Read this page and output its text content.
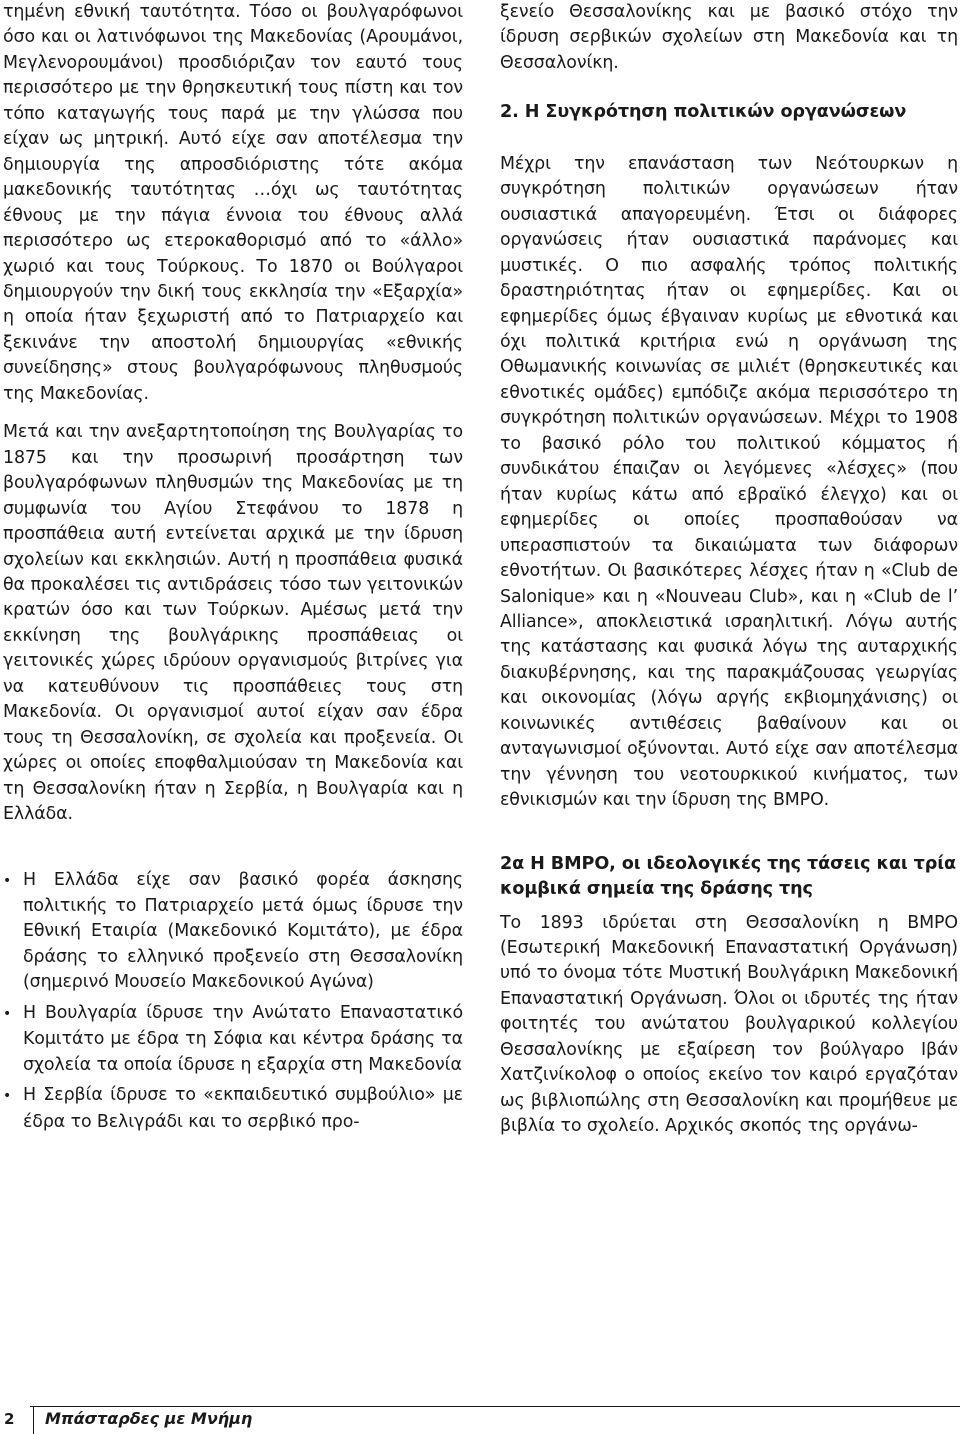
τημένη εθνική ταυτότητα. Τόσο οι βουλγαρόφωνοι όσο και οι λατινόφωνοι της Μακεδονίας (Αρουμάνοι, Μεγλενορουμάνοι) προσδιόριζαν τον εαυτό τους περισσότερο με την θρησκευτική τους πίστη και τον τόπο καταγωγής τους παρά με την γλώσσα που είχαν ως μητρική. Αυτό είχε σαν αποτέλεσμα την δημιουργία της απροσδιόριστης τότε ακόμα μακεδονικής ταυτότητας …όχι ως ταυτότητας έθνους με την πάγια έννοια του έθνους αλλά περισσότερο ως ετεροκαθορισμό από το «άλλο» χωριό και τους Τούρκους. Το 1870 οι Βούλγαροι δημιουργούν την δική τους εκκλησία την «Εξαρχία» η οποία ήταν ξεχωριστή από το Πατριαρχείο και ξεκινάνε την αποστολή δημιουργίας «εθνικής συνείδησης» στους βουλγαρόφωνους πληθυσμούς της Μακεδονίας.

Μετά και την ανεξαρτητοποίηση της Βουλγαρίας το 1875 και την προσωρινή προσάρτηση των βουλγαρόφωνων πληθυσμών της Μακεδονίας με τη συμφωνία του Αγίου Στεφάνου το 1878 η προσπάθεια αυτή εντείνεται αρχικά με την ίδρυση σχολείων και εκκλησιών. Αυτή η προσπάθεια φυσικά θα προκαλέσει τις αντιδράσεις τόσο των γειτονικών κρατών όσο και των Τούρκων. Αμέσως μετά την εκκίνηση της βουλγάρικης προσπάθειας οι γειτονικές χώρες ιδρύουν οργανισμούς βιτρίνες για να κατευθύνουν τις προσπάθειες τους στη Μακεδονία. Οι οργανισμοί αυτοί είχαν σαν έδρα τους τη Θεσσαλονίκη, σε σχολεία και προξενεία. Οι χώρες οι οποίες εποφθαλμιούσαν τη Μακεδονία και τη Θεσσαλονίκη ήταν η Σερβία, η Βουλγαρία και η Ελλάδα.

• Η Ελλάδα είχε σαν βασικό φορέα άσκησης πολιτικής το Πατριαρχείο μετά όμως ίδρυσε την Εθνική Εταιρία (Μακεδονικό Κομιτάτο), με έδρα δράσης το ελληνικό προξενείο στη Θεσσαλονίκη (σημερινό Μουσείο Μακεδονικού Αγώνα)
• Η Βουλγαρία ίδρυσε την Ανώτατο Επαναστατικό Κομιτάτο με έδρα τη Σόφια και κέντρα δράσης τα σχολεία τα οποία ίδρυσε η εξαρχία στη Μακεδονία
• Η Σερβία ίδρυσε το «εκπαιδευτικό συμβούλιο» με έδρα το Βελιγράδι και το σερβικό προ-

ξενείο Θεσσαλονίκης και με βασικό στόχο την ίδρυση σερβικών σχολείων στη Μακεδονία και τη Θεσσαλονίκη.

2. Η Συγκρότηση πολιτικών οργανώσεων

Μέχρι την επανάσταση των Νεότουρκων η συγκρότηση πολιτικών οργανώσεων ήταν ουσιαστικά απαγορευμένη. Έτσι οι διάφορες οργανώσεις ήταν ουσιαστικά παράνομες και μυστικές. Ο πιο ασφαλής τρόπος πολιτικής δραστηριότητας ήταν οι εφημερίδες. Και οι εφημερίδες όμως έβγαιναν κυρίως με εθνοτικά και όχι πολιτικά κριτήρια ενώ η οργάνωση της Οθωμανικής κοινωνίας σε μιλιέτ (θρησκευτικές και εθνοτικές ομάδες) εμπόδιζε ακόμα περισσότερο τη συγκρότηση πολιτικών οργανώσεων. Μέχρι το 1908 το βασικό ρόλο του πολιτικού κόμματος ή συνδικάτου έπαιζαν οι λεγόμενες «λέσχες» (που ήταν κυρίως κάτω από εβραϊκό έλεγχο) και οι εφημερίδες οι οποίες προσπαθούσαν να υπερασπιστούν τα δικαιώματα των διάφορων εθνοτήτων. Οι βασικότερες λέσχες ήταν η «Club de Salonique» και η «Nouveau Club», και η «Club de l’ Alliance», αποκλειστικά ισραηλιτική. Λόγω αυτής της κατάστασης και φυσικά λόγω της αυταρχικής διακυβέρνησης, και της παρακμάζουσας γεωργίας και οικονομίας (λόγω αργής εκβιομηχάνισης) οι κοινωνικές αντιθέσεις βαθαίνουν και οι ανταγωνισμοί οξύνονται. Αυτό είχε σαν αποτέλεσμα την γέννηση του νεοτουρκικού κινήματος, των εθνικισμών και την ίδρυση της ΒΜΡΟ.

2α Η ΒΜΡΟ, οι ιδεολογικές της τάσεις και τρία κομβικά σημεία της δράσης της

Το 1893 ιδρύεται στη Θεσσαλονίκη η ΒΜΡΟ (Εσωτερική Μακεδονική Επαναστατική Οργάνωση) υπό το όνομα τότε Μυστική Βουλγάρικη Μακεδονική Επαναστατική Οργάνωση. Όλοι οι ιδρυτές της ήταν φοιτητές του ανώτατου βουλγαρικού κολλεγίου Θεσσαλονίκης με εξαίρεση τον βούλγαρο Ιβάν Χατζινίκολοφ ο οποίος εκείνο τον καιρό εργαζόταν ως βιβλιοπώλης στη Θεσσαλονίκη και προμήθευε με βιβλία το σχολείο. Αρχικός σκοπός της οργάνω-

2 Μπάσταρδες με Μνήμη
